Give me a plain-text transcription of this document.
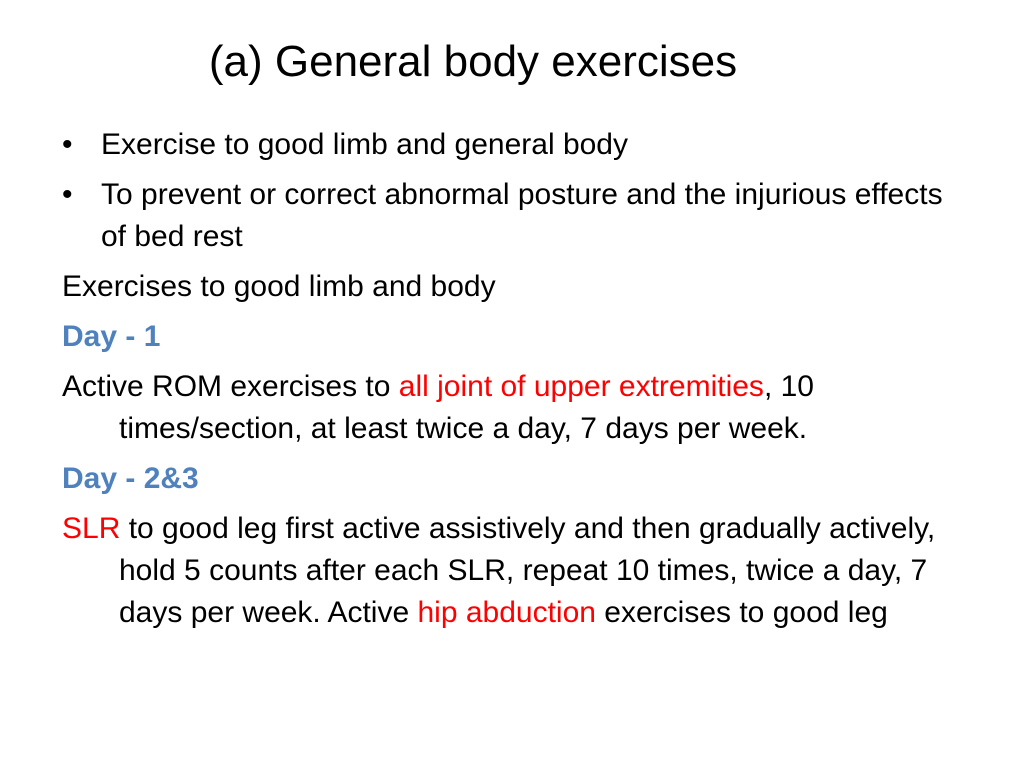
(a) General body exercises
• Exercise to good limb and general body
• To prevent or correct abnormal posture and the injurious effects of bed rest
Exercises to good limb and body
Day - 1
Active ROM exercises to all joint of upper extremities, 10 times/section, at least twice a day, 7 days per week.
Day - 2&3
SLR to good leg first active assistively and then gradually actively, hold 5 counts after each SLR, repeat 10 times, twice a day, 7 days per week. Active hip abduction exercises to good leg
